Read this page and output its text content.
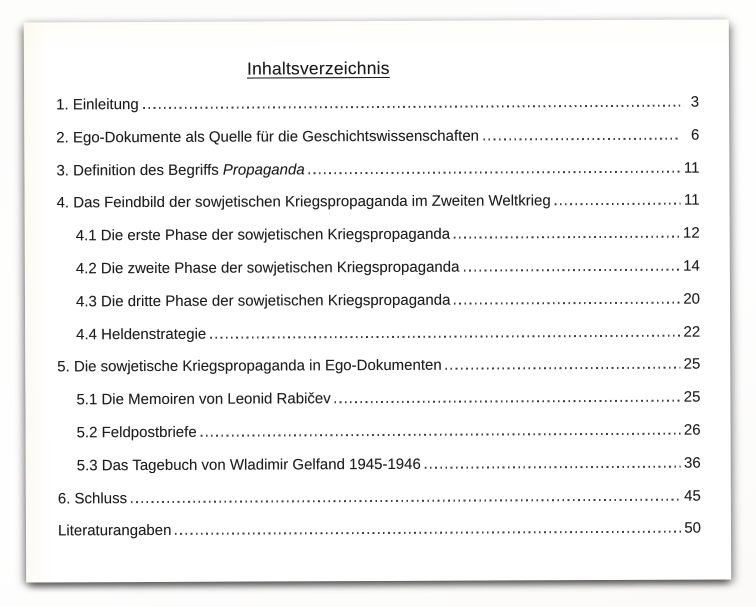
Inhaltsverzeichnis
1. Einleitung	3
2. Ego-Dokumente als Quelle für die Geschichtswissenschaften	6
3. Definition des Begriffs Propaganda	11
4. Das Feindbild der sowjetischen Kriegspropaganda im Zweiten Weltkrieg	11
4.1 Die erste Phase der sowjetischen Kriegspropaganda	12
4.2 Die zweite Phase der sowjetischen Kriegspropaganda	14
4.3 Die dritte Phase der sowjetischen Kriegspropaganda	20
4.4 Heldenstrategie	22
5. Die sowjetische Kriegspropaganda in Ego-Dokumenten	25
5.1 Die Memoiren von Leonid Rabičev	25
5.2 Feldpostbriefe	26
5.3 Das Tagebuch von Wladimir Gelfand 1945-1946	36
6. Schluss	45
Literaturangaben	50
